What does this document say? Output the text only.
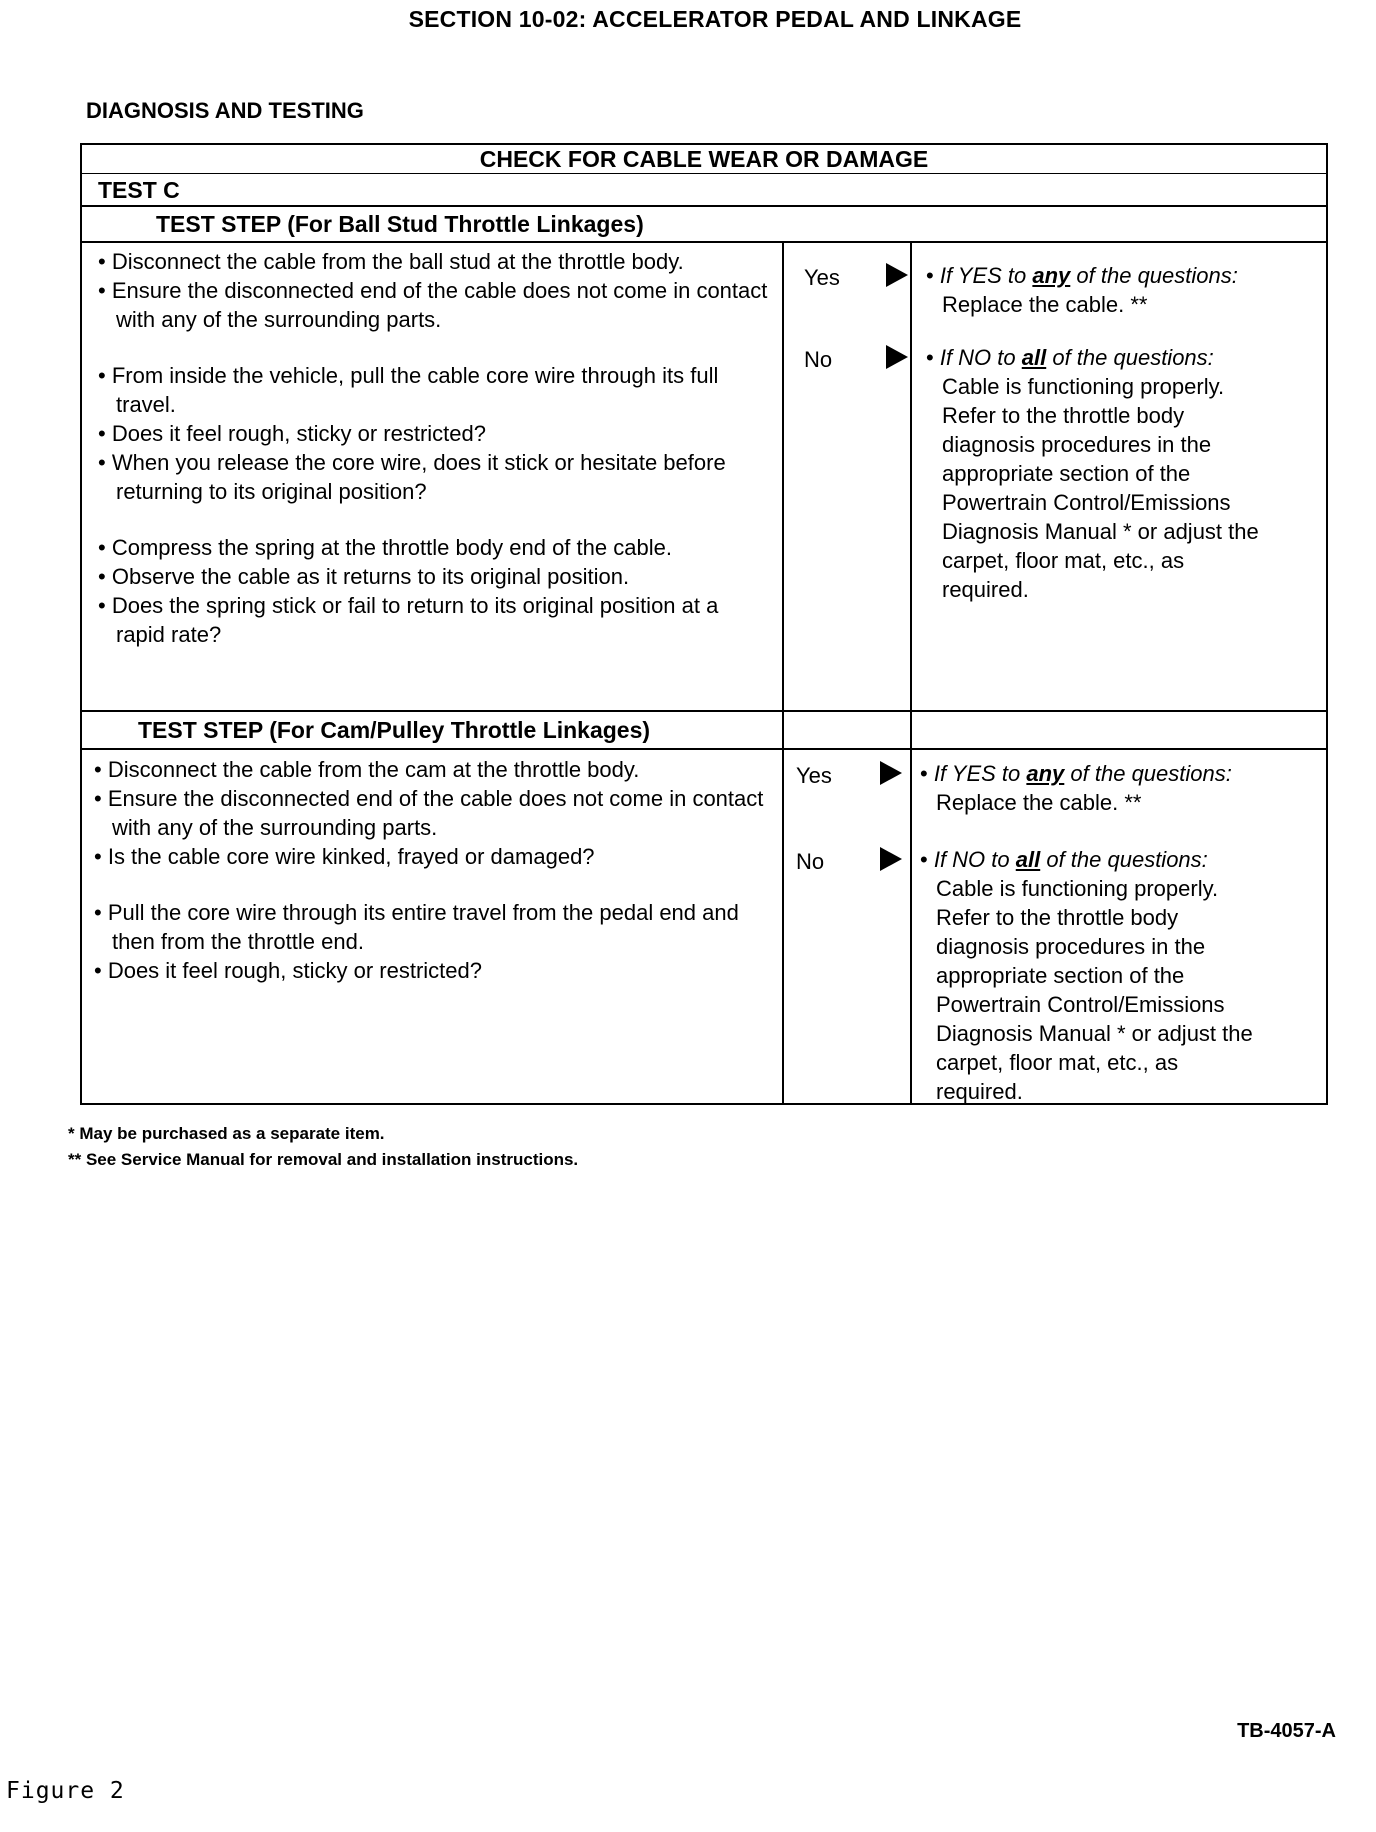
SECTION 10-02: ACCELERATOR PEDAL AND LINKAGE
DIAGNOSIS AND TESTING
CHECK FOR CABLE WEAR OR DAMAGE
TEST C
TEST STEP (For Ball Stud Throttle Linkages)

• Disconnect the cable from the ball stud at the throttle body.

• Ensure the disconnected end of the cable does not come in contact with any of the surrounding parts.

• From inside the vehicle, pull the cable core wire through its full travel.

• Does it feel rough, sticky or restricted?

• When you release the core wire, does it stick or hesitate before returning to its original position?

• Compress the spring at the throttle body end of the cable.

• Observe the cable as it returns to its original position.

• Does the spring stick or fail to return to its original position at a rapid rate?

Yes
No
• If YES to any of the questions:
Replace the cable. **
• If NO to all of the questions:
Cable is functioning properly. Refer to the throttle body diagnosis procedures in the appropriate section of the Powertrain Control/Emissions Diagnosis Manual * or adjust the carpet, floor mat, etc., as required.
TEST STEP (For Cam/Pulley Throttle Linkages)

• Disconnect the cable from the cam at the throttle body.

• Ensure the disconnected end of the cable does not come in contact with any of the surrounding parts.

• Is the cable core wire kinked, frayed or damaged?

• Pull the core wire through its entire travel from the pedal end and then from the throttle end.

• Does it feel rough, sticky or restricted?

Yes
No
• If YES to any of the questions:
Replace the cable. **
• If NO to all of the questions:
Cable is functioning properly. Refer to the throttle body diagnosis procedures in the appropriate section of the Powertrain Control/Emissions Diagnosis Manual * or adjust the carpet, floor mat, etc., as required.
* May be purchased as a separate item.
** See Service Manual for removal and installation instructions.
TB-4057-A
Figure 2
